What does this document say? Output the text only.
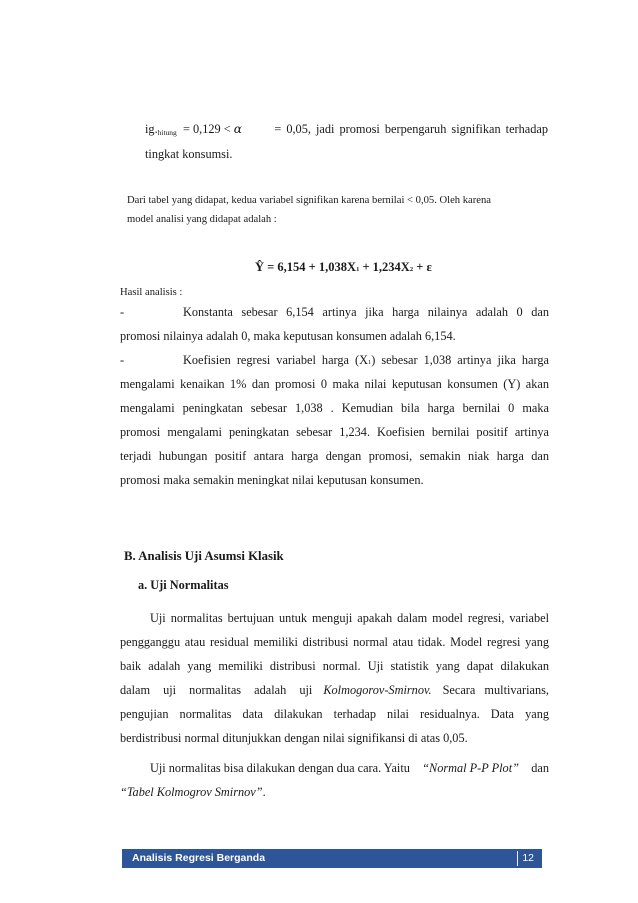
$ig._{hitung} = 0,129 < \alpha$	= 0,05, jadi promosi berpengaruh signifikan terhadap
tingkat konsumsi.
Dari tabel yang didapat, kedua variabel signifikan karena bernilai < 0,05. Oleh karena
model analisi yang didapat adalah :
Ŷ = 6,154 + 1,038X1 + 1,234X2 + ε
Hasil analisis :
-	Konstanta sebesar 6,154 artinya jika harga nilainya adalah 0 dan
promosi nilainya adalah 0, maka keputusan konsumen adalah 6,154.
-	Koefisien regresi variabel harga (X1) sebesar 1,038 artinya jika harga
mengalami kenaikan 1% dan promosi 0 maka nilai keputusan konsumen (Y) akan
mengalami peningkatan sebesar 1,038 . Kemudian bila harga bernilai 0 maka
promosi mengalami peningkatan sebesar 1,234. Koefisien bernilai positif artinya
terjadi hubungan positif antara harga dengan promosi, semakin niak harga dan
promosi maka semakin meningkat nilai keputusan konsumen.
B. Analisis Uji Asumsi Klasik
a. Uji Normalitas
Uji normalitas bertujuan untuk menguji apakah dalam model regresi, variabel
pengganggu atau residual memiliki distribusi normal atau tidak. Model regresi yang
baik adalah yang memiliki distribusi normal. Uji statistik yang dapat dilakukan
dalam uji normalitas adalah uji Kolmogorov-Smirnov. Secara multivarians,
pengujian normalitas data dilakukan terhadap nilai residualnya. Data yang
berdistribusi normal ditunjukkan dengan nilai signifikansi di atas 0,05.
Uji normalitas bisa dilakukan dengan dua cara. Yaitu “Normal P-P Plot” dan
“Tabel Kolmogrov Smirnov”.
Analisis Regresi Berganda	12
